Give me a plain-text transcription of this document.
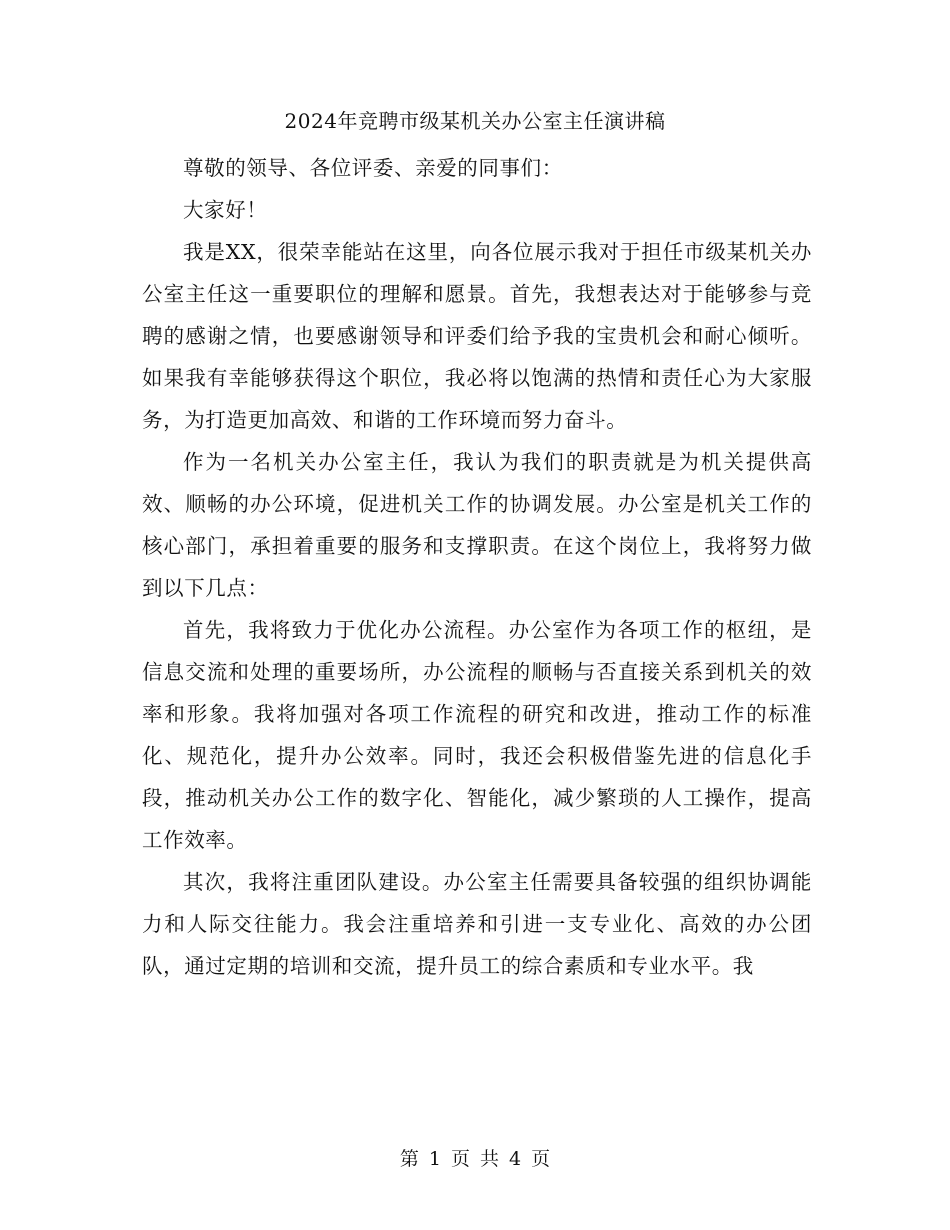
2024年竞聘市级某机关办公室主任演讲稿

尊敬的领导、各位评委、亲爱的同事们：

大家好！

我是XX，很荣幸能站在这里，向各位展示我对于担任市级某机关办公室主任这一重要职位的理解和愿景。首先，我想表达对于能够参与竞聘的感谢之情，也要感谢领导和评委们给予我的宝贵机会和耐心倾听。如果我有幸能够获得这个职位，我必将以饱满的热情和责任心为大家服务，为打造更加高效、和谐的工作环境而努力奋斗。

作为一名机关办公室主任，我认为我们的职责就是为机关提供高效、顺畅的办公环境，促进机关工作的协调发展。办公室是机关工作的核心部门，承担着重要的服务和支撑职责。在这个岗位上，我将努力做到以下几点：

首先，我将致力于优化办公流程。办公室作为各项工作的枢纽，是信息交流和处理的重要场所，办公流程的顺畅与否直接关系到机关的效率和形象。我将加强对各项工作流程的研究和改进，推动工作的标准化、规范化，提升办公效率。同时，我还会积极借鉴先进的信息化手段，推动机关办公工作的数字化、智能化，减少繁琐的人工操作，提高工作效率。

其次，我将注重团队建设。办公室主任需要具备较强的组织协调能力和人际交往能力。我会注重培养和引进一支专业化、高效的办公团队，通过定期的培训和交流，提升员工的综合素质和专业水平。我

第 1 页 共 4 页
